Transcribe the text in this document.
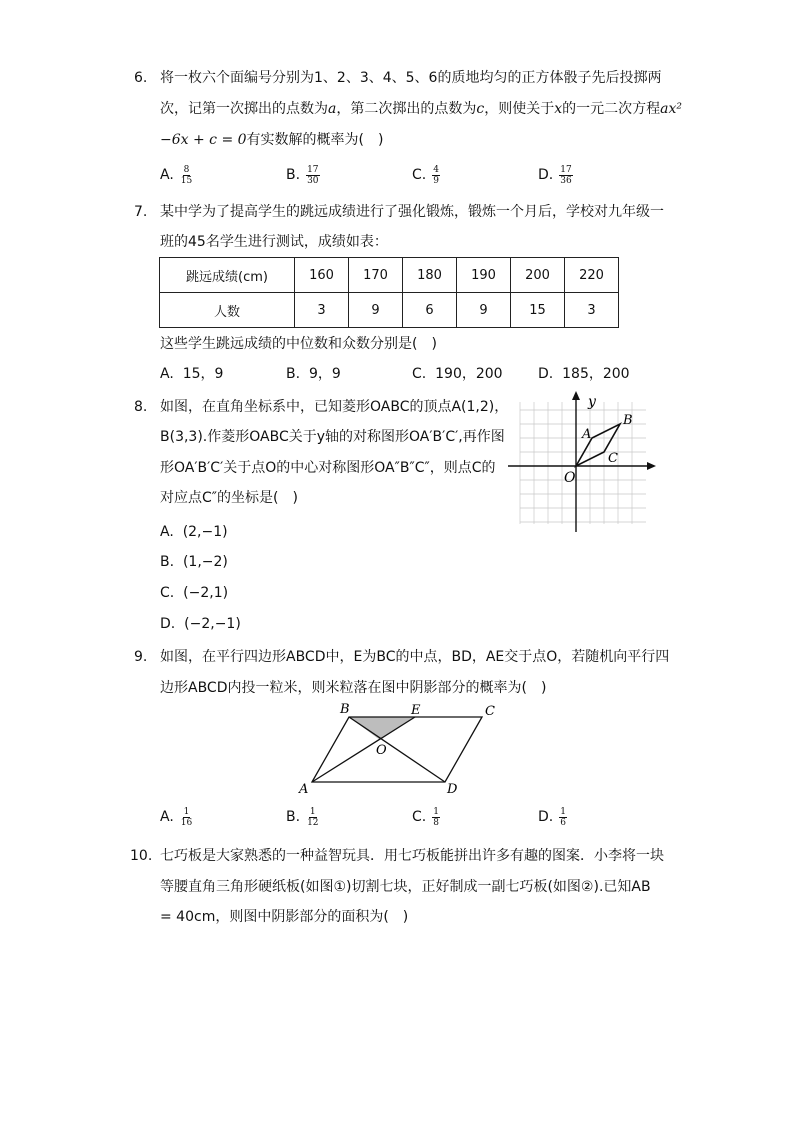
6. 将一枚六个面编号分别为1、2、3、4、5、6的质地均匀的正方体骰子先后投掷两
次，记第一次掷出的点数为a，第二次掷出的点数为c，则使关于x的一元二次方程ax²
−6x + c = 0有实数解的概率为(　)
A. $\frac{8}{15}$	B. $\frac{17}{30}$	C. $\frac{4}{9}$	D. $\frac{17}{36}$
7. 某中学为了提高学生的跳远成绩进行了强化锻炼，锻炼一个月后，学校对九年级一
班的45名学生进行测试，成绩如表：
跳远成绩(cm)	160	170	180	190	200	220
人数	3	9	6	9	15	3
这些学生跳远成绩的中位数和众数分别是(　)
A. 15，9	B. 9，9	C. 190，200	D. 185，200
8. 如图，在直角坐标系中，已知菱形OABC的顶点A(1,2)，
B(3,3).作菱形OABC关于y轴的对称图形OA′B′C′,再作图
形OA′B′C′关于点O的中心对称图形OA″B″C″，则点C的
对应点C″的坐标是(　)
A. (2,−1)
B. (1,−2)
C. (−2,1)
D. (−2,−1)
y
O
A
B
C
9. 如图，在平行四边形ABCD中，E为BC的中点，BD，AE交于点O，若随机向平行四
边形ABCD内投一粒米，则米粒落在图中阴影部分的概率为(　)
B	E	C
O
A	D
A. $\frac{1}{16}$	B. $\frac{1}{12}$	C. $\frac{1}{8}$	D. $\frac{1}{6}$
10. 七巧板是大家熟悉的一种益智玩具．用七巧板能拼出许多有趣的图案．小李将一块
等腰直角三角形硬纸板(如图①)切割七块，正好制成一副七巧板(如图②).已知AB
= 40cm，则图中阴影部分的面积为(　)
